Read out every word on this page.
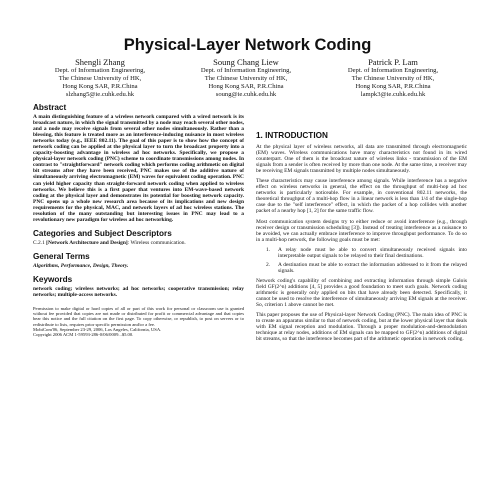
Physical-Layer Network Coding
Shengli Zhang
Dept. of Information Engineering,
The Chinese University of HK,
Hong Kong SAR, P.R.China
slzhang5@ie.cuhk.edu.hk
Soung Chang Liew
Dept. of Information Engineering,
The Chinese University of HK,
Hong Kong SAR, P.R.China
soung@ie.cuhk.edu.hk
Patrick P. Lam
Dept. of Information Engineering,
The Chinese University of HK,
Hong Kong SAR, P.R.China
lampk3@ie.cuhk.edu.hk
Abstract

A main distinguishing feature of a wireless network compared with a wired network is its broadcast nature, in which the signal transmitted by a node may reach several other nodes, and a node may receive signals from several other nodes simultaneously. Rather than a blessing, this feature is treated more as an interference-inducing nuisance in most wireless networks today (e.g., IEEE 802.11). The goal of this paper is to show how the concept of network coding can be applied at the physical layer to turn the broadcast property into a capacity-boosting advantage in wireless ad hoc networks. Specifically, we propose a physical-layer network coding (PNC) scheme to coordinate transmissions among nodes. In contrast to "straightforward" network coding which performs coding arithmetic on digital bit streams after they have been received, PNC makes use of the additive nature of simultaneously arriving electromagnetic (EM) waves for equivalent coding operation. PNC can yield higher capacity than straight-forward network coding when applied to wireless networks. We believe this is a first paper that ventures into EM-wave-based network coding at the physical layer and demonstrates its potential for boosting network capacity. PNC opens up a whole new research area because of its implications and new design requirements for the physical, MAC, and network layers of ad hoc wireless stations. The resolution of the many outstanding but interesting issues in PNC may lead to a revolutionary new paradigm for wireless ad hoc networking.

Categories and Subject Descriptors

C.2.1 [Network Architecture and Design]: Wireless communication.

General Terms

Algorithms, Performance, Design, Theory.

Keywords

network coding; wireless networks; ad hoc networks; cooperative transmission; relay networks; multiple-access networks.

Permission to make digital or hard copies of all or part of this work for personal or classroom use is granted without fee provided that copies are not made or distributed for profit or commercial advantage and that copies bear this notice and the full citation on the first page. To copy otherwise, or republish, to post on servers or to redistribute to lists, requires prior specific permission and/or a fee.

MobiCom'06, September 23-29, 2006, Los Angeles, California, USA.

Copyright 2006 ACM 1-59593-286-0/06/0009...$5.00.

1. INTRODUCTION

At the physical layer of wireless networks, all data are transmitted through electromagnetic (EM) waves. Wireless communications have many characteristics not found in its wired counterpart. One of them is the broadcast nature of wireless links - transmission of the EM signals from a sender is often received by more than one node. At the same time, a receiver may be receiving EM signals transmitted by multiple nodes simultaneously.

These characteristics may cause interference among signals. While interference has a negative effect on wireless networks in general, the effect on the throughput of multi-hop ad hoc networks is particularly noticeable. For example, in conventional 802.11 networks, the theoretical throughput of a multi-hop flow in a linear network is less than 1/4 of the single-hop case due to the "self interference" effect, in which the packet of a hop collides with another packet of a nearby hop [1, 2] for the same traffic flow.

Most communication system designs try to either reduce or avoid interference (e.g., through receiver design or transmission scheduling [3]). Instead of treating interference as a nuisance to be avoided, we can actually embrace interference to improve throughput performance. To do so in a multi-hop network, the following goals must be met:

1.	A relay node must be able to convert simultaneously received signals into interpretable output signals to be relayed to their final destinations.
2.	A destination must be able to extract the information addressed to it from the relayed signals.

Network coding's capability of combining and extracting information through simple Galois field GF(2^n) additions [4, 5] provides a good foundation to meet such goals. Network coding arithmetic is generally only applied on bits that have already been detected. Specifically, it cannot be used to resolve the interference of simultaneously arriving EM signals at the receiver. So, criterion 1 above cannot be met.

This paper proposes the use of Physical-layer Network Coding (PNC). The main idea of PNC is to create an apparatus similar to that of network coding, but at the lower physical layer that deals with EM signal reception and modulation. Through a proper modulation-and-demodulation technique at relay nodes, additions of EM signals can be mapped to GF(2^n) additions of digital bit streams, so that the interference becomes part of the arithmetic operation in network coding.
